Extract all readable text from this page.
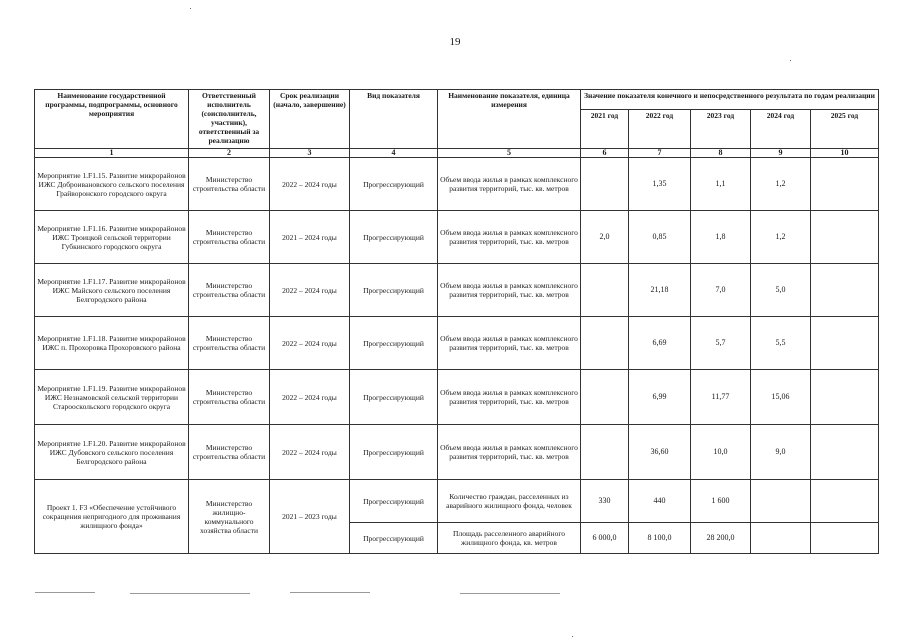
19
Наименование государственной программы, подпрограммы, основного мероприятия	Ответственный исполнитель (соисполнитель, участник), ответственный за реализацию	Срок реализации (начало, завершение)	Вид показателя	Наименование показателя, единица измерения	Значение показателя конечного и непосредственного результата по годам реализации				
					2021 год	2022 год	2023 год	2024 год	2025 год
1	2	3	4	5	6	7	8	9	10
Мероприятие 1.F1.15. Развитие микрорайонов ИЖС Доброивановского сельского поселения Грайворонского городского округа	Министерство строительства области	2022 – 2024 годы	Прогрессирующий	Объем ввода жилья в рамках комплексного развития территорий, тыс. кв. метров		1,35	1,1	1,2	
Мероприятие 1.F1.16. Развитие микрорайонов ИЖС Троицкой сельской территории Губкинского городского округа	Министерство строительства области	2021 – 2024 годы	Прогрессирующий	Объем ввода жилья в рамках комплексного развития территорий, тыс. кв. метров	2,0	0,85	1,8	1,2	
Мероприятие 1.F1.17. Развитие микрорайонов ИЖС Майского сельского поселения Белгородского района	Министерство строительства области	2022 – 2024 годы	Прогрессирующий	Объем ввода жилья в рамках комплексного развития территорий, тыс. кв. метров		21,18	7,0	5,0	
Мероприятие 1.F1.18. Развитие микрорайонов ИЖС п. Прохоровка Прохоровского района	Министерство строительства области	2022 – 2024 годы	Прогрессирующий	Объем ввода жилья в рамках комплексного развития территорий, тыс. кв. метров		6,69	5,7	5,5	
Мероприятие 1.F1.19. Развитие микрорайонов ИЖС Незнамовской сельской территории Старооскольского городского округа	Министерство строительства области	2022 – 2024 годы	Прогрессирующий	Объем ввода жилья в рамках комплексного развития территорий, тыс. кв. метров		6,99	11,77	15,06	
Мероприятие 1.F1.20. Развитие микрорайонов ИЖС Дубовского сельского поселения Белгородского района	Министерство строительства области	2022 – 2024 годы	Прогрессирующий	Объем ввода жилья в рамках комплексного развития территорий, тыс. кв. метров		36,60	10,0	9,0	
Проект 1. F3 «Обеспечение устойчивого сокращения непригодного для проживания жилищного фонда»	Министерство жилищно-коммунального хозяйства области	2021 – 2023 годы	Прогрессирующий	Количество граждан, расселенных из аварийного жилищного фонда, человек	330	440	1 600		
			Прогрессирующий	Площадь расселенного аварийного жилищного фонда, кв. метров	6 000,0	8 100,0	28 200,0		
